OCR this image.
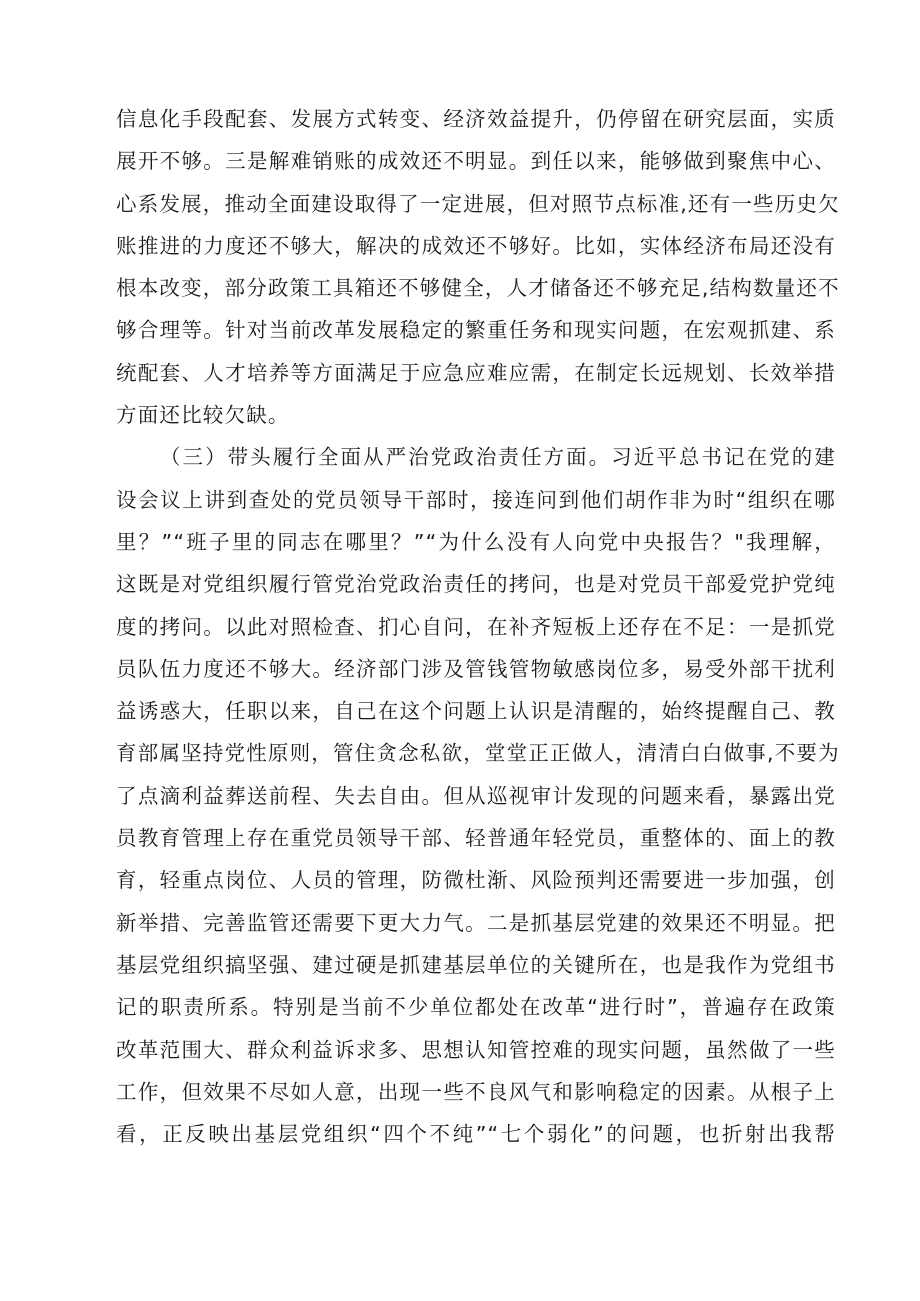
信息化手段配套、发展方式转变、经济效益提升，仍停留在研究层面，实质
展开不够。三是解难销账的成效还不明显。到任以来，能够做到聚焦中心、
心系发展，推动全面建设取得了一定进展，但对照节点标准,还有一些历史欠
账推进的力度还不够大，解决的成效还不够好。比如，实体经济布局还没有
根本改变，部分政策工具箱还不够健全，人才储备还不够充足,结构数量还不
够合理等。针对当前改革发展稳定的繁重任务和现实问题，在宏观抓建、系
统配套、人才培养等方面满足于应急应难应需，在制定长远规划、长效举措
方面还比较欠缺。
（三）带头履行全面从严治党政治责任方面。习近平总书记在党的建
设会议上讲到查处的党员领导干部时，接连问到他们胡作非为时“组织在哪
里？”“班子里的同志在哪里？”“为什么没有人向党中央报告？"我理解，
这既是对党组织履行管党治党政治责任的拷问，也是对党员干部爱党护党纯
度的拷问。以此对照检查、扪心自问，在补齐短板上还存在不足：一是抓党
员队伍力度还不够大。经济部门涉及管钱管物敏感岗位多，易受外部干扰利
益诱惑大，任职以来，自己在这个问题上认识是清醒的，始终提醒自己、教
育部属坚持党性原则，管住贪念私欲，堂堂正正做人，清清白白做事,不要为
了点滴利益葬送前程、失去自由。但从巡视审计发现的问题来看，暴露出党
员教育管理上存在重党员领导干部、轻普通年轻党员，重整体的、面上的教
育，轻重点岗位、人员的管理，防微杜渐、风险预判还需要进一步加强，创
新举措、完善监管还需要下更大力气。二是抓基层党建的效果还不明显。把
基层党组织搞坚强、建过硬是抓建基层单位的关键所在，也是我作为党组书
记的职责所系。特别是当前不少单位都处在改革“进行时”，普遍存在政策
改革范围大、群众利益诉求多、思想认知管控难的现实问题，虽然做了一些
工作，但效果不尽如人意，出现一些不良风气和影响稳定的因素。从根子上
看，正反映出基层党组织“四个不纯”“七个弱化”的问题，也折射出我帮
